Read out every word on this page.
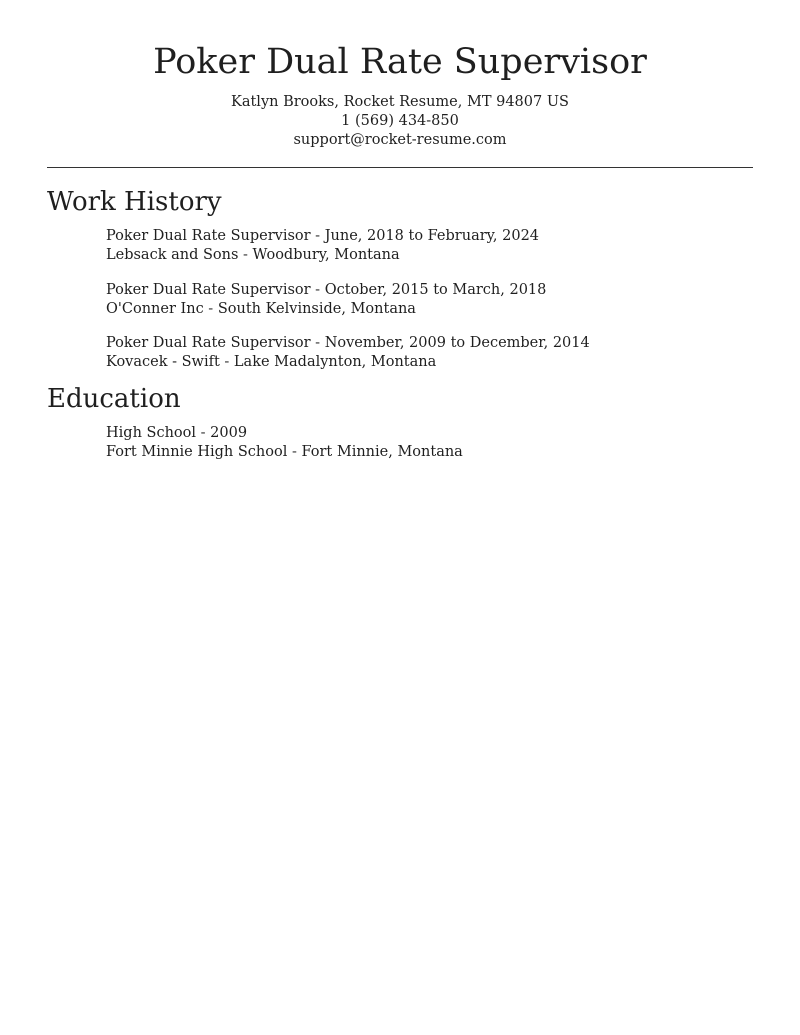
Poker Dual Rate Supervisor
Katlyn Brooks, Rocket Resume, MT 94807 US
1 (569) 434-850
support@rocket-resume.com
Work History
Poker Dual Rate Supervisor - June, 2018 to February, 2024
Lebsack and Sons - Woodbury, Montana
Poker Dual Rate Supervisor - October, 2015 to March, 2018
O'Conner Inc - South Kelvinside, Montana
Poker Dual Rate Supervisor - November, 2009 to December, 2014
Kovacek - Swift - Lake Madalynton, Montana
Education
High School - 2009
Fort Minnie High School - Fort Minnie, Montana
